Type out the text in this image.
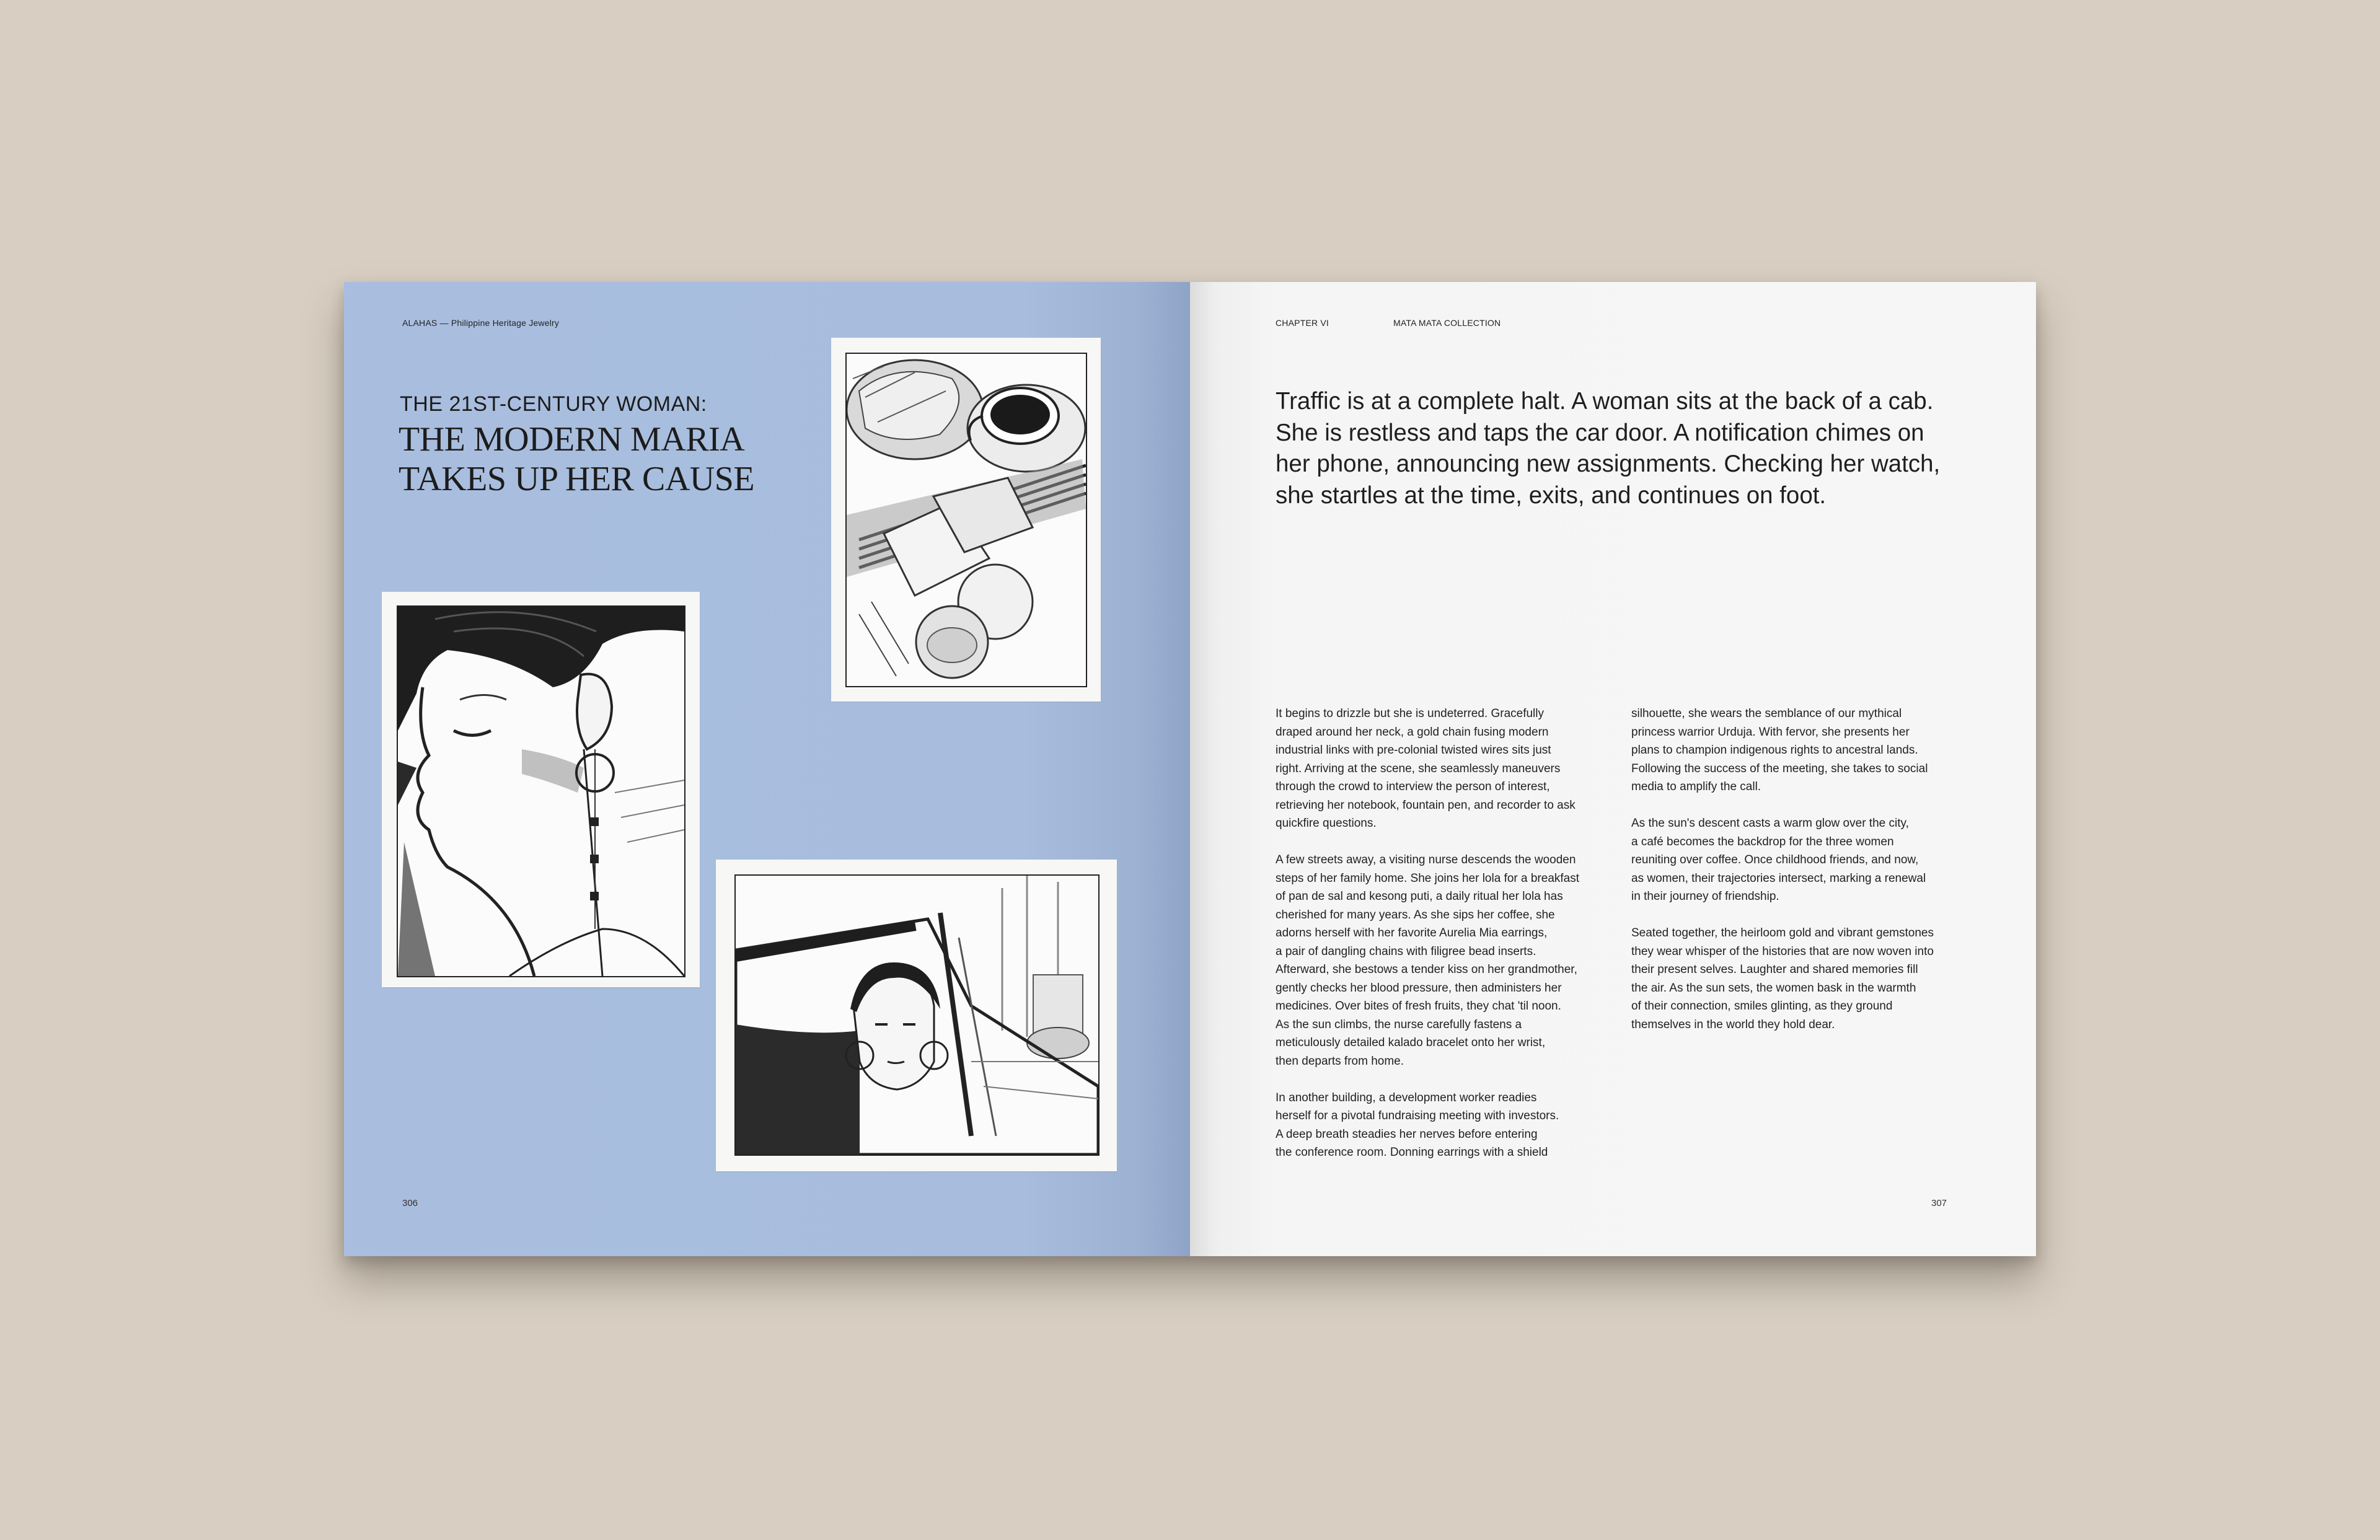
ALAHAS — Philippine Heritage Jewelry
THE 21ST-CENTURY WOMAN:
THE MODERN MARIA
TAKES UP HER CAUSE
306
CHAPTER VI	MATA MATA COLLECTION
Traffic is at a complete halt. A woman sits at the back of a cab.
She is restless and taps the car door. A notification chimes on
her phone, announcing new assignments. Checking her watch,
she startles at the time, exits, and continues on foot.

It begins to drizzle but she is undeterred. Gracefully
draped around her neck, a gold chain fusing modern
industrial links with pre-colonial twisted wires sits just
right. Arriving at the scene, she seamlessly maneuvers
through the crowd to interview the person of interest,
retrieving her notebook, fountain pen, and recorder to ask
quickfire questions.

A few streets away, a visiting nurse descends the wooden
steps of her family home. She joins her lola for a breakfast
of pan de sal and kesong puti, a daily ritual her lola has
cherished for many years. As she sips her coffee, she
adorns herself with her favorite Aurelia Mia earrings,
a pair of dangling chains with filigree bead inserts.
Afterward, she bestows a tender kiss on her grandmother,
gently checks her blood pressure, then administers her
medicines. Over bites of fresh fruits, they chat 'til noon.
As the sun climbs, the nurse carefully fastens a
meticulously detailed kalado bracelet onto her wrist,
then departs from home.

In another building, a development worker readies
herself for a pivotal fundraising meeting with investors.
A deep breath steadies her nerves before entering
the conference room. Donning earrings with a shield

silhouette, she wears the semblance of our mythical
princess warrior Urduja. With fervor, she presents her
plans to champion indigenous rights to ancestral lands.
Following the success of the meeting, she takes to social
media to amplify the call.

As the sun's descent casts a warm glow over the city,
a café becomes the backdrop for the three women
reuniting over coffee. Once childhood friends, and now,
as women, their trajectories intersect, marking a renewal
in their journey of friendship.

Seated together, the heirloom gold and vibrant gemstones
they wear whisper of the histories that are now woven into
their present selves. Laughter and shared memories fill
the air. As the sun sets, the women bask in the warmth
of their connection, smiles glinting, as they ground
themselves in the world they hold dear.

307
